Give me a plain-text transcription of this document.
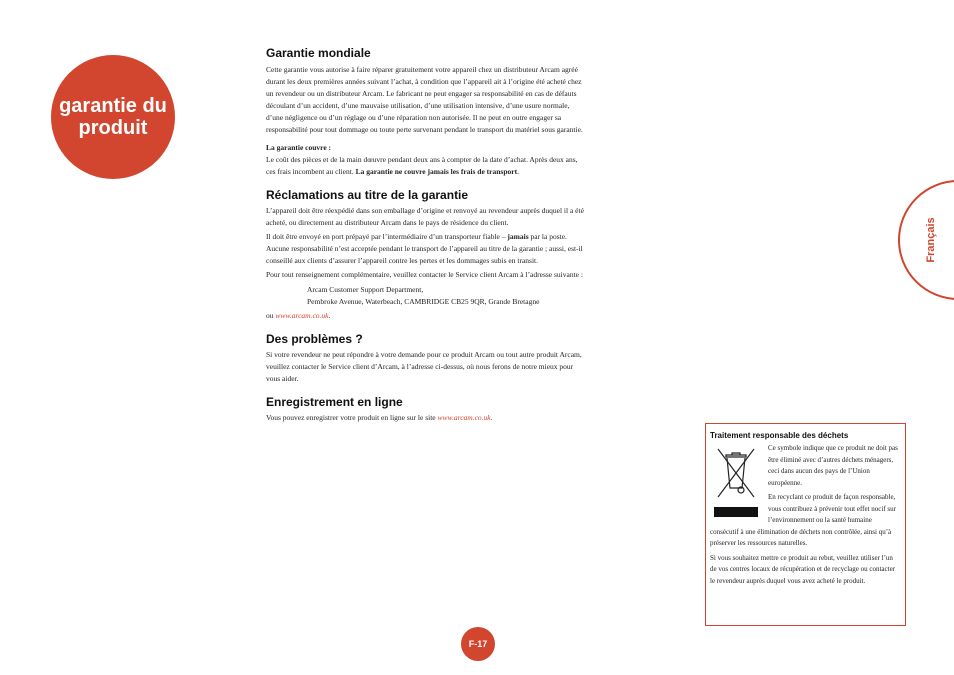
garantie du
produit
Français
Garantie mondiale

Cette garantie vous autorise à faire réparer gratuitement votre appareil chez un distributeur Arcam agréé durant les deux premières années suivant l’achat, à condition que l’appareil ait à l’origine été acheté chez un revendeur ou un distributeur Arcam. Le fabricant ne peut engager sa responsabilité en cas de défauts découlant d’un accident, d’une mauvaise utilisation, d’une utilisation intensive, d’une usure normale, d’une négligence ou d’un réglage ou d’une réparation non autorisée. Il ne peut en outre engager sa responsabilité pour tout dommage ou toute perte survenant pendant le transport du matériel sous garantie.

La garantie couvre :

Le coût des pièces et de la main dœuvre pendant deux ans à compter de la date d’achat. Après deux ans, ces frais incombent au client. La garantie ne couvre jamais les frais de transport.

Réclamations au titre de la garantie

L’appareil doit être réexpédié dans son emballage d’origine et renvoyé au revendeur auprès duquel il a été acheté, ou directement au distributeur Arcam dans le pays de résidence du client.

Il doit être envoyé en port prépayé par l’intermédiaire d’un transporteur fiable – jamais par la poste. Aucune responsabilité n’est acceptée pendant le transport de l’appareil au titre de la garantie ; aussi, est-il conseillé aux clients d’assurer l’appareil contre les pertes et les dommages subis en transit.

Pour tout renseignement complémentaire, veuillez contacter le Service client Arcam à l’adresse suivante :

Arcam Customer Support Department,

Pembroke Avenue, Waterbeach, CAMBRIDGE CB25 9QR, Grande Bretagne

ou www.arcam.co.uk.

Des problèmes ?

Si votre revendeur ne peut répondre à votre demande pour ce produit Arcam ou tout autre produit Arcam, veuillez contacter le Service client d’Arcam, à l’adresse ci-dessus, où nous ferons de notre mieux pour vous aider.

Enregistrement en ligne

Vous pouvez enregistrer votre produit en ligne sur le site www.arcam.co.uk.

Traitement responsable des déchets

Ce symbole indique que ce produit ne doit pas être éliminé avec d’autres déchets ménagers, ceci dans aucun des pays de l’Union européenne.

En recyclant ce produit de façon responsable, vous contribuez à prévenir tout effet nocif sur l’environnement ou la santé humaine consécutif à une élimination de déchets non contrôlée, ainsi qu’à préserver les ressources naturelles.

Si vous souhaitez mettre ce produit au rebut, veuillez utiliser l’un de vos centres locaux de récupération et de recyclage ou contacter le revendeur auprès duquel vous avez acheté le produit.

F-17
